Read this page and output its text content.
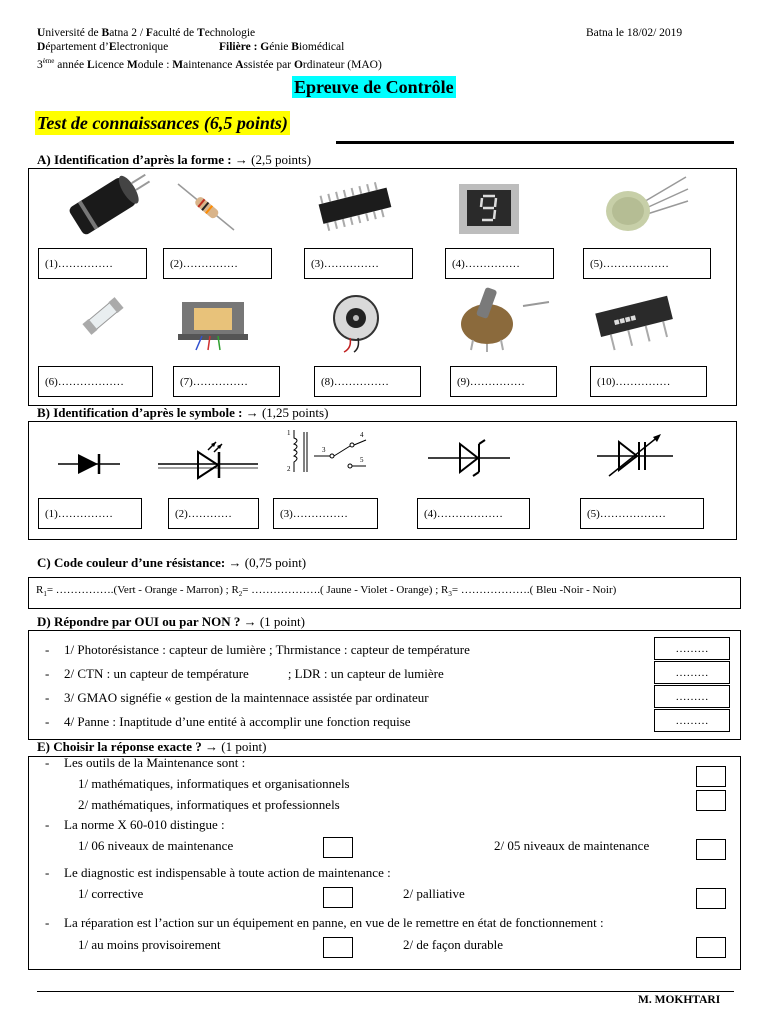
Université de Batna 2 / Faculté de Technologie	Batna le 18/02/ 2019
Département d’Electronique	Filière : Génie Biomédical
3ème année Licence Module : Maintenance Assistée par Ordinateur (MAO)
Epreuve de Contrôle
Test de connaissances (6,5 points)
A) Identification d’après la forme : → (2,5 points)
(1)……………	(2)……………	(3)……………	(4)……………	(5)………………
■■■■
(6)………………	(7)……………	(8)……………	(9)……………	(10)……………
B) Identification d’après le symbole : → (1,25 points)
1
2
3
4
5
(1)……………	(2)…………	(3)……………	(4)………………	(5)………………
C) Code couleur d’une résistance: → (0,75 point)
$R_1=$ …………….(Vert - Orange - Marron) ; $R_2=$ ……………….( Jaune - Violet - Orange) ; $R_3=$ ……………….( Bleu -Noir - Noir)
D) Répondre par OUI ou par NON ? → (1 point)
- 1/ Photorésistance : capteur de lumière ; Thrmistance : capteur de température	………
- 2/ CTN : un capteur de température            ; LDR : un capteur de lumière	………
- 3/ GMAO signéfie « gestion de la maintennace assistée par ordinateur	………
- 4/ Panne : Inaptitude d’une entité à accomplir une fonction requise	………
E) Choisir la réponse exacte ? → (1 point)
- Les outils de la Maintenance sont :
1/ mathématiques, informatiques et organisationnels
2/ mathématiques, informatiques et professionnels
- La norme X 60-010 distingue :
1/ 06 niveaux de maintenance	2/ 05 niveaux de maintenance
- Le diagnostic est indispensable à toute action de maintenance :
1/ corrective	2/ palliative
- La réparation est l’action sur un équipement en panne, en vue de le remettre en état de fonctionnement :
1/ au moins provisoirement	2/ de façon durable
M. MOKHTARI
